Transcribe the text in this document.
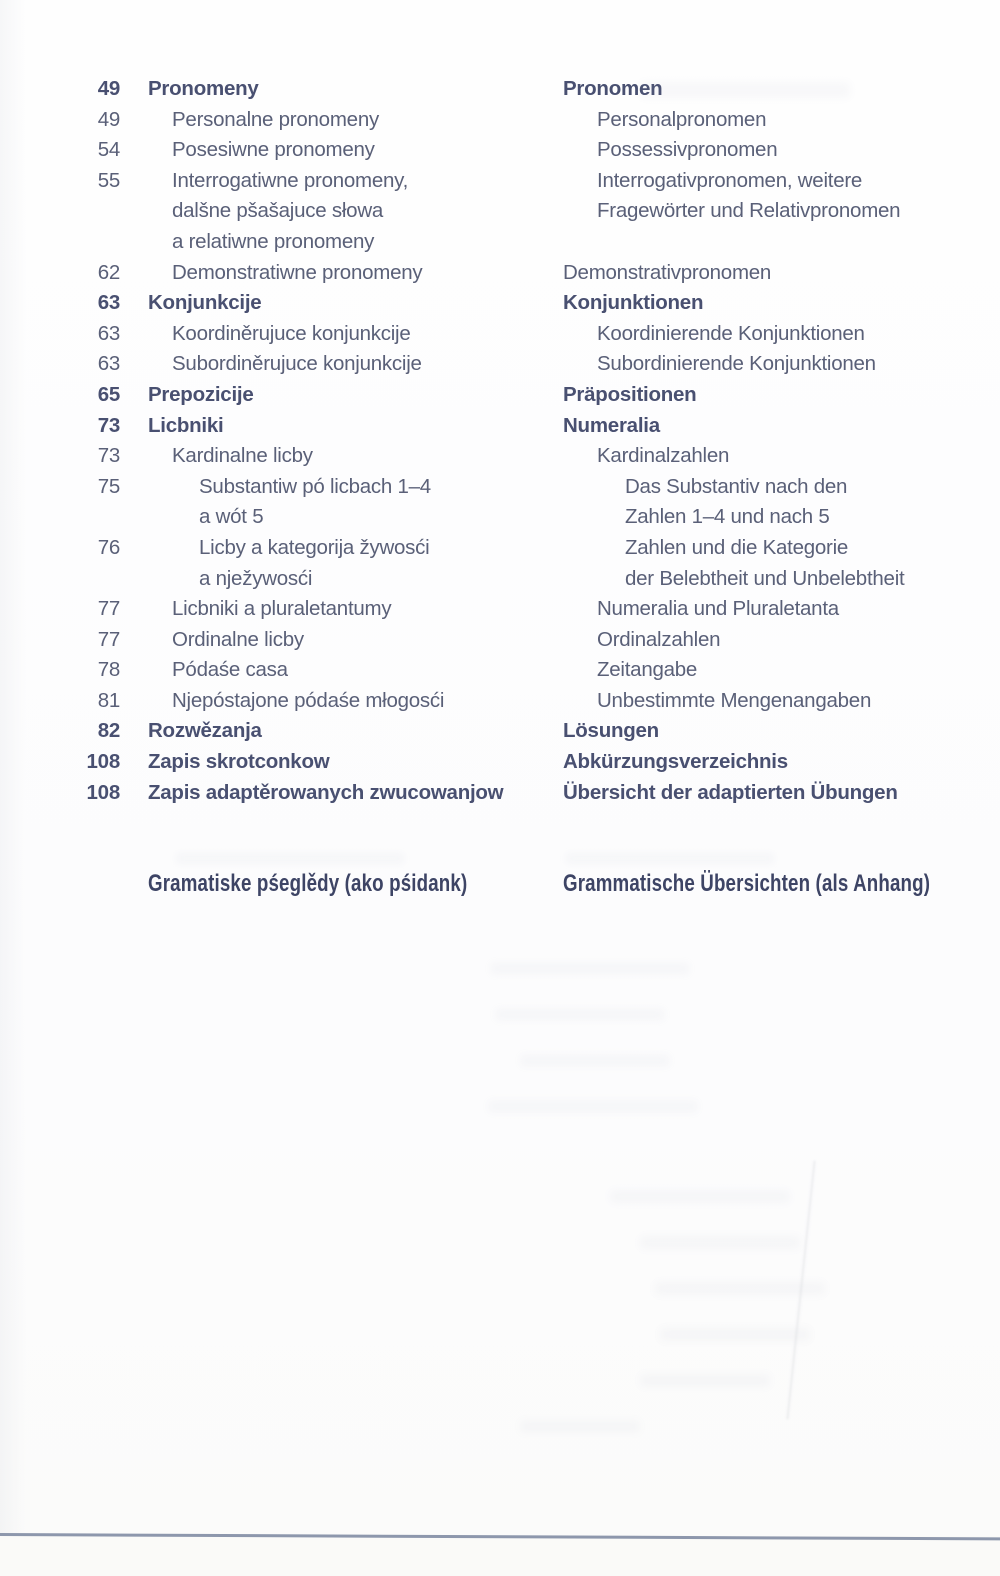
49	Pronomeny	Pronomen
49	Personalne pronomeny	Personalpronomen
54	Posesiwne pronomeny	Possessivpronomen
55	Interrogatiwne pronomeny,	Interrogativpronomen, weitere
dalšne pšašajuce słowa	Fragewörter und Relativpronomen
a relatiwne pronomeny
62	Demonstratiwne pronomeny	Demonstrativpronomen
63	Konjunkcije	Konjunktionen
63	Koordiněrujuce konjunkcije	Koordinierende Konjunktionen
63	Subordiněrujuce konjunkcije	Subordinierende Konjunktionen
65	Prepozicije	Präpositionen
73	Licbniki	Numeralia
73	Kardinalne licby	Kardinalzahlen
75	Substantiw pó licbach 1–4	Das Substantiv nach den
a wót 5	Zahlen 1–4 und nach 5
76	Licby a kategorija žywosći	Zahlen und die Kategorie
a nježywosći	der Belebtheit und Unbelebtheit
77	Licbniki a pluraletantumy	Numeralia und Pluraletanta
77	Ordinalne licby	Ordinalzahlen
78	Pódaśe casa	Zeitangabe
81	Njepóstajone pódaśe młogosći	Unbestimmte Mengenangaben
82	Rozwězanja	Lösungen
108	Zapis skrotconkow	Abkürzungsverzeichnis
108	Zapis adaptěrowanych zwucowanjow	Übersicht der adaptierten Übungen
Gramatiske pśeglědy (ako pśidank)	Grammatische Übersichten (als Anhang)
